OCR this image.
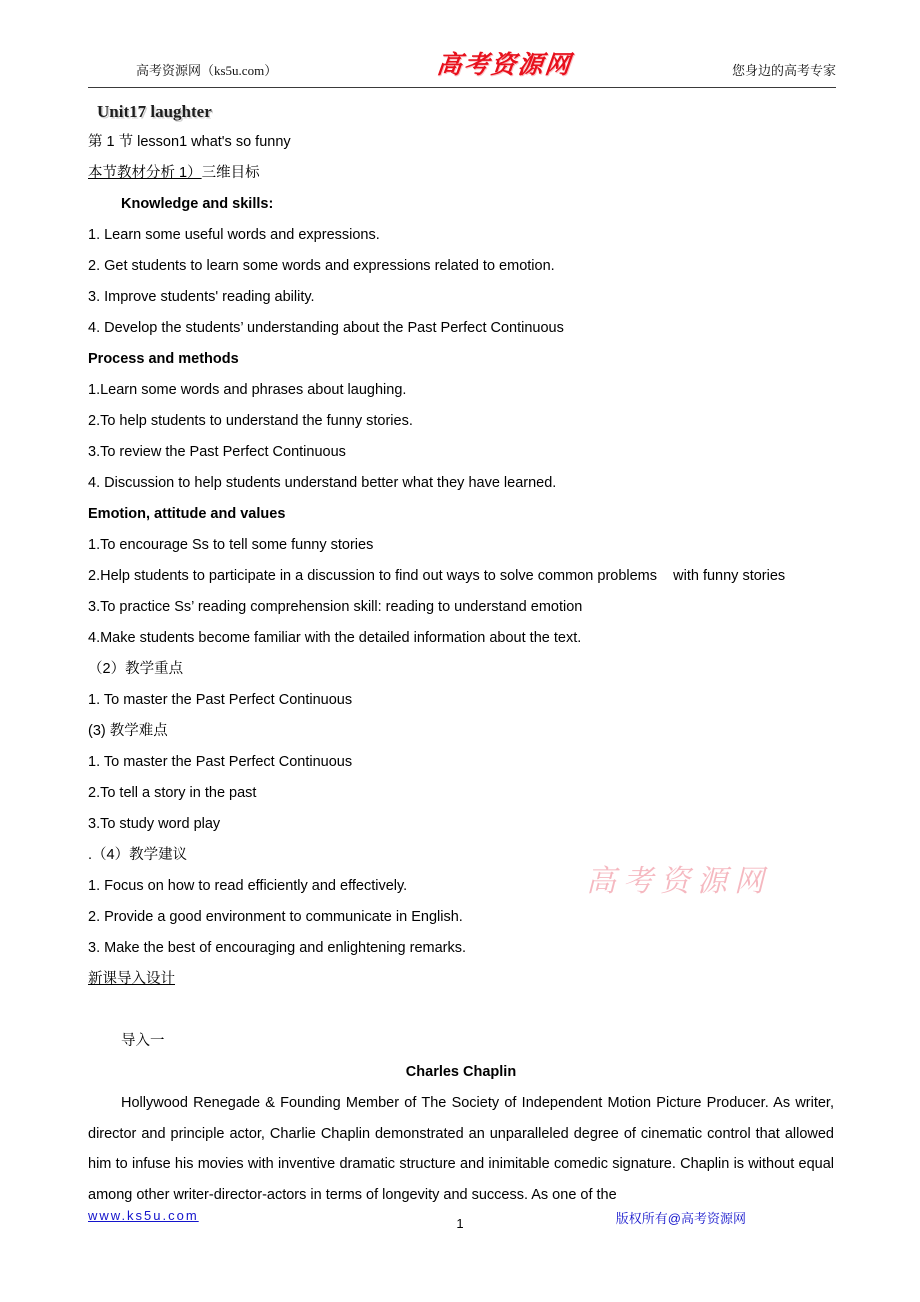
高考资源网（ks5u.com）	高考资源网	您身边的高考专家
Unit17 laughter
第 1 节 lesson1 what's so funny
本节教材分析 1）三维目标
Knowledge and skills:
1. Learn some useful words and expressions.
2. Get students to learn some words and expressions related to emotion.
3. Improve students' reading ability.
4. Develop the students’ understanding about the Past Perfect Continuous
Process and methods
1.Learn some words and phrases about laughing.
2.To help students to understand the funny stories.
3.To review the Past Perfect Continuous
4. Discussion to help students understand better what they have learned.
Emotion, attitude and values
1.To encourage Ss to tell some funny stories
2.Help students to participate in a discussion to find out ways to solve common problems    with funny stories
3.To practice Ss’ reading comprehension skill: reading to understand emotion
4.Make students become familiar with the detailed information about the text.
（2）教学重点
1. To master the Past Perfect Continuous
(3) 教学难点
1. To master the Past Perfect Continuous
2.To tell a story in the past
3.To study word play
.（4）教学建议
1. Focus on how to read efficiently and effectively.
2. Provide a good environment to communicate in English.
3. Make the best of encouraging and enlightening remarks.
新课导入设计

导入一
Charles Chaplin
Hollywood Renegade & Founding Member of The Society of Independent Motion Picture Producer. As writer, director and principle actor, Charlie Chaplin demonstrated an unparalleled degree of cinematic control that allowed him to infuse his movies with inventive dramatic structure and inimitable comedic signature. Chaplin is without equal among other writer-director-actors in terms of longevity and success. As one of the
高考资源网
www.ks5u.com
1	版权所有@高考资源网
